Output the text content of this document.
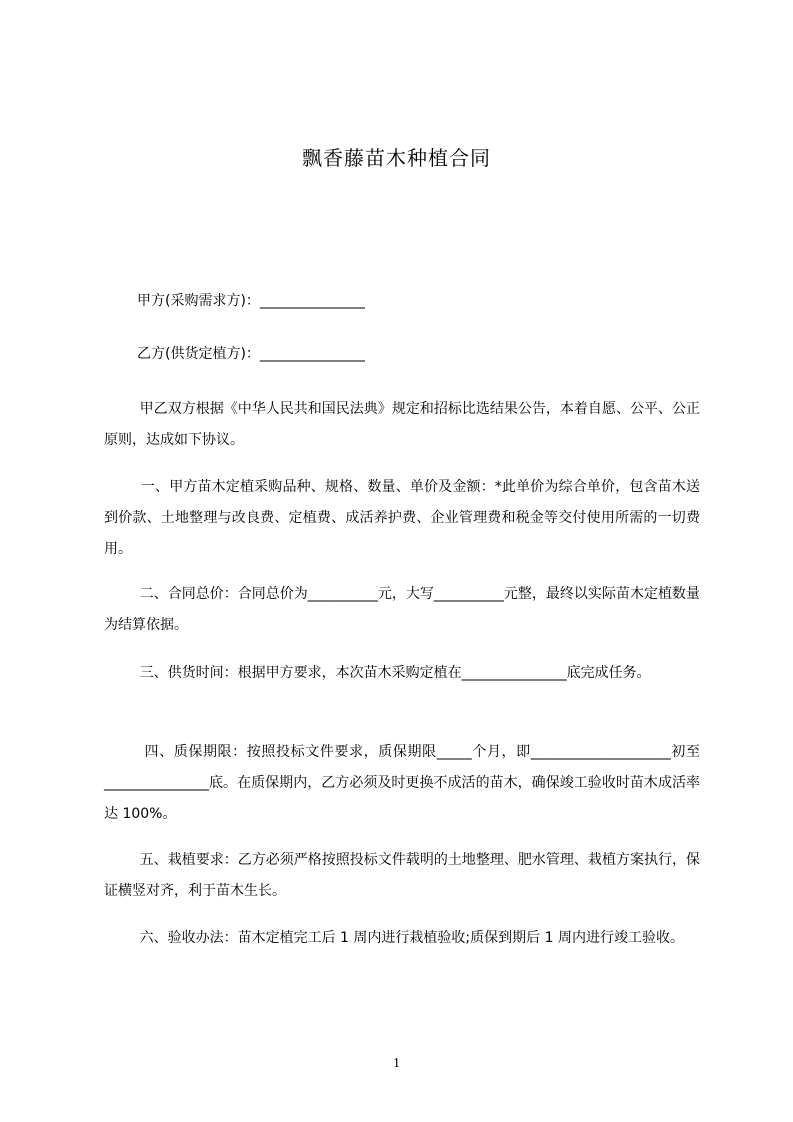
飘香藤苗木种植合同
甲方(采购需求方)：_______________
乙方(供货定植方)：_______________
甲乙双方根据《中华人民共和国民法典》规定和招标比选结果公告，本着自愿、公平、公正原则，达成如下协议。
一、甲方苗木定植采购品种、规格、数量、单价及金额：*此单价为综合单价，包含苗木送到价款、土地整理与改良费、定植费、成活养护费、企业管理费和税金等交付使用所需的一切费用。
二、合同总价：合同总价为__________元，大写__________元整，最终以实际苗木定植数量为结算依据。
三、供货时间：根据甲方要求，本次苗木采购定植在_______________底完成任务。
四、质保期限：按照投标文件要求，质保期限_____个月，即____________________初至_______________底。在质保期内，乙方必须及时更换不成活的苗木，确保竣工验收时苗木成活率达 100%。
五、栽植要求：乙方必须严格按照投标文件载明的土地整理、肥水管理、栽植方案执行，保证横竖对齐，利于苗木生长。
六、验收办法：苗木定植完工后 1 周内进行栽植验收;质保到期后 1 周内进行竣工验收。
1
